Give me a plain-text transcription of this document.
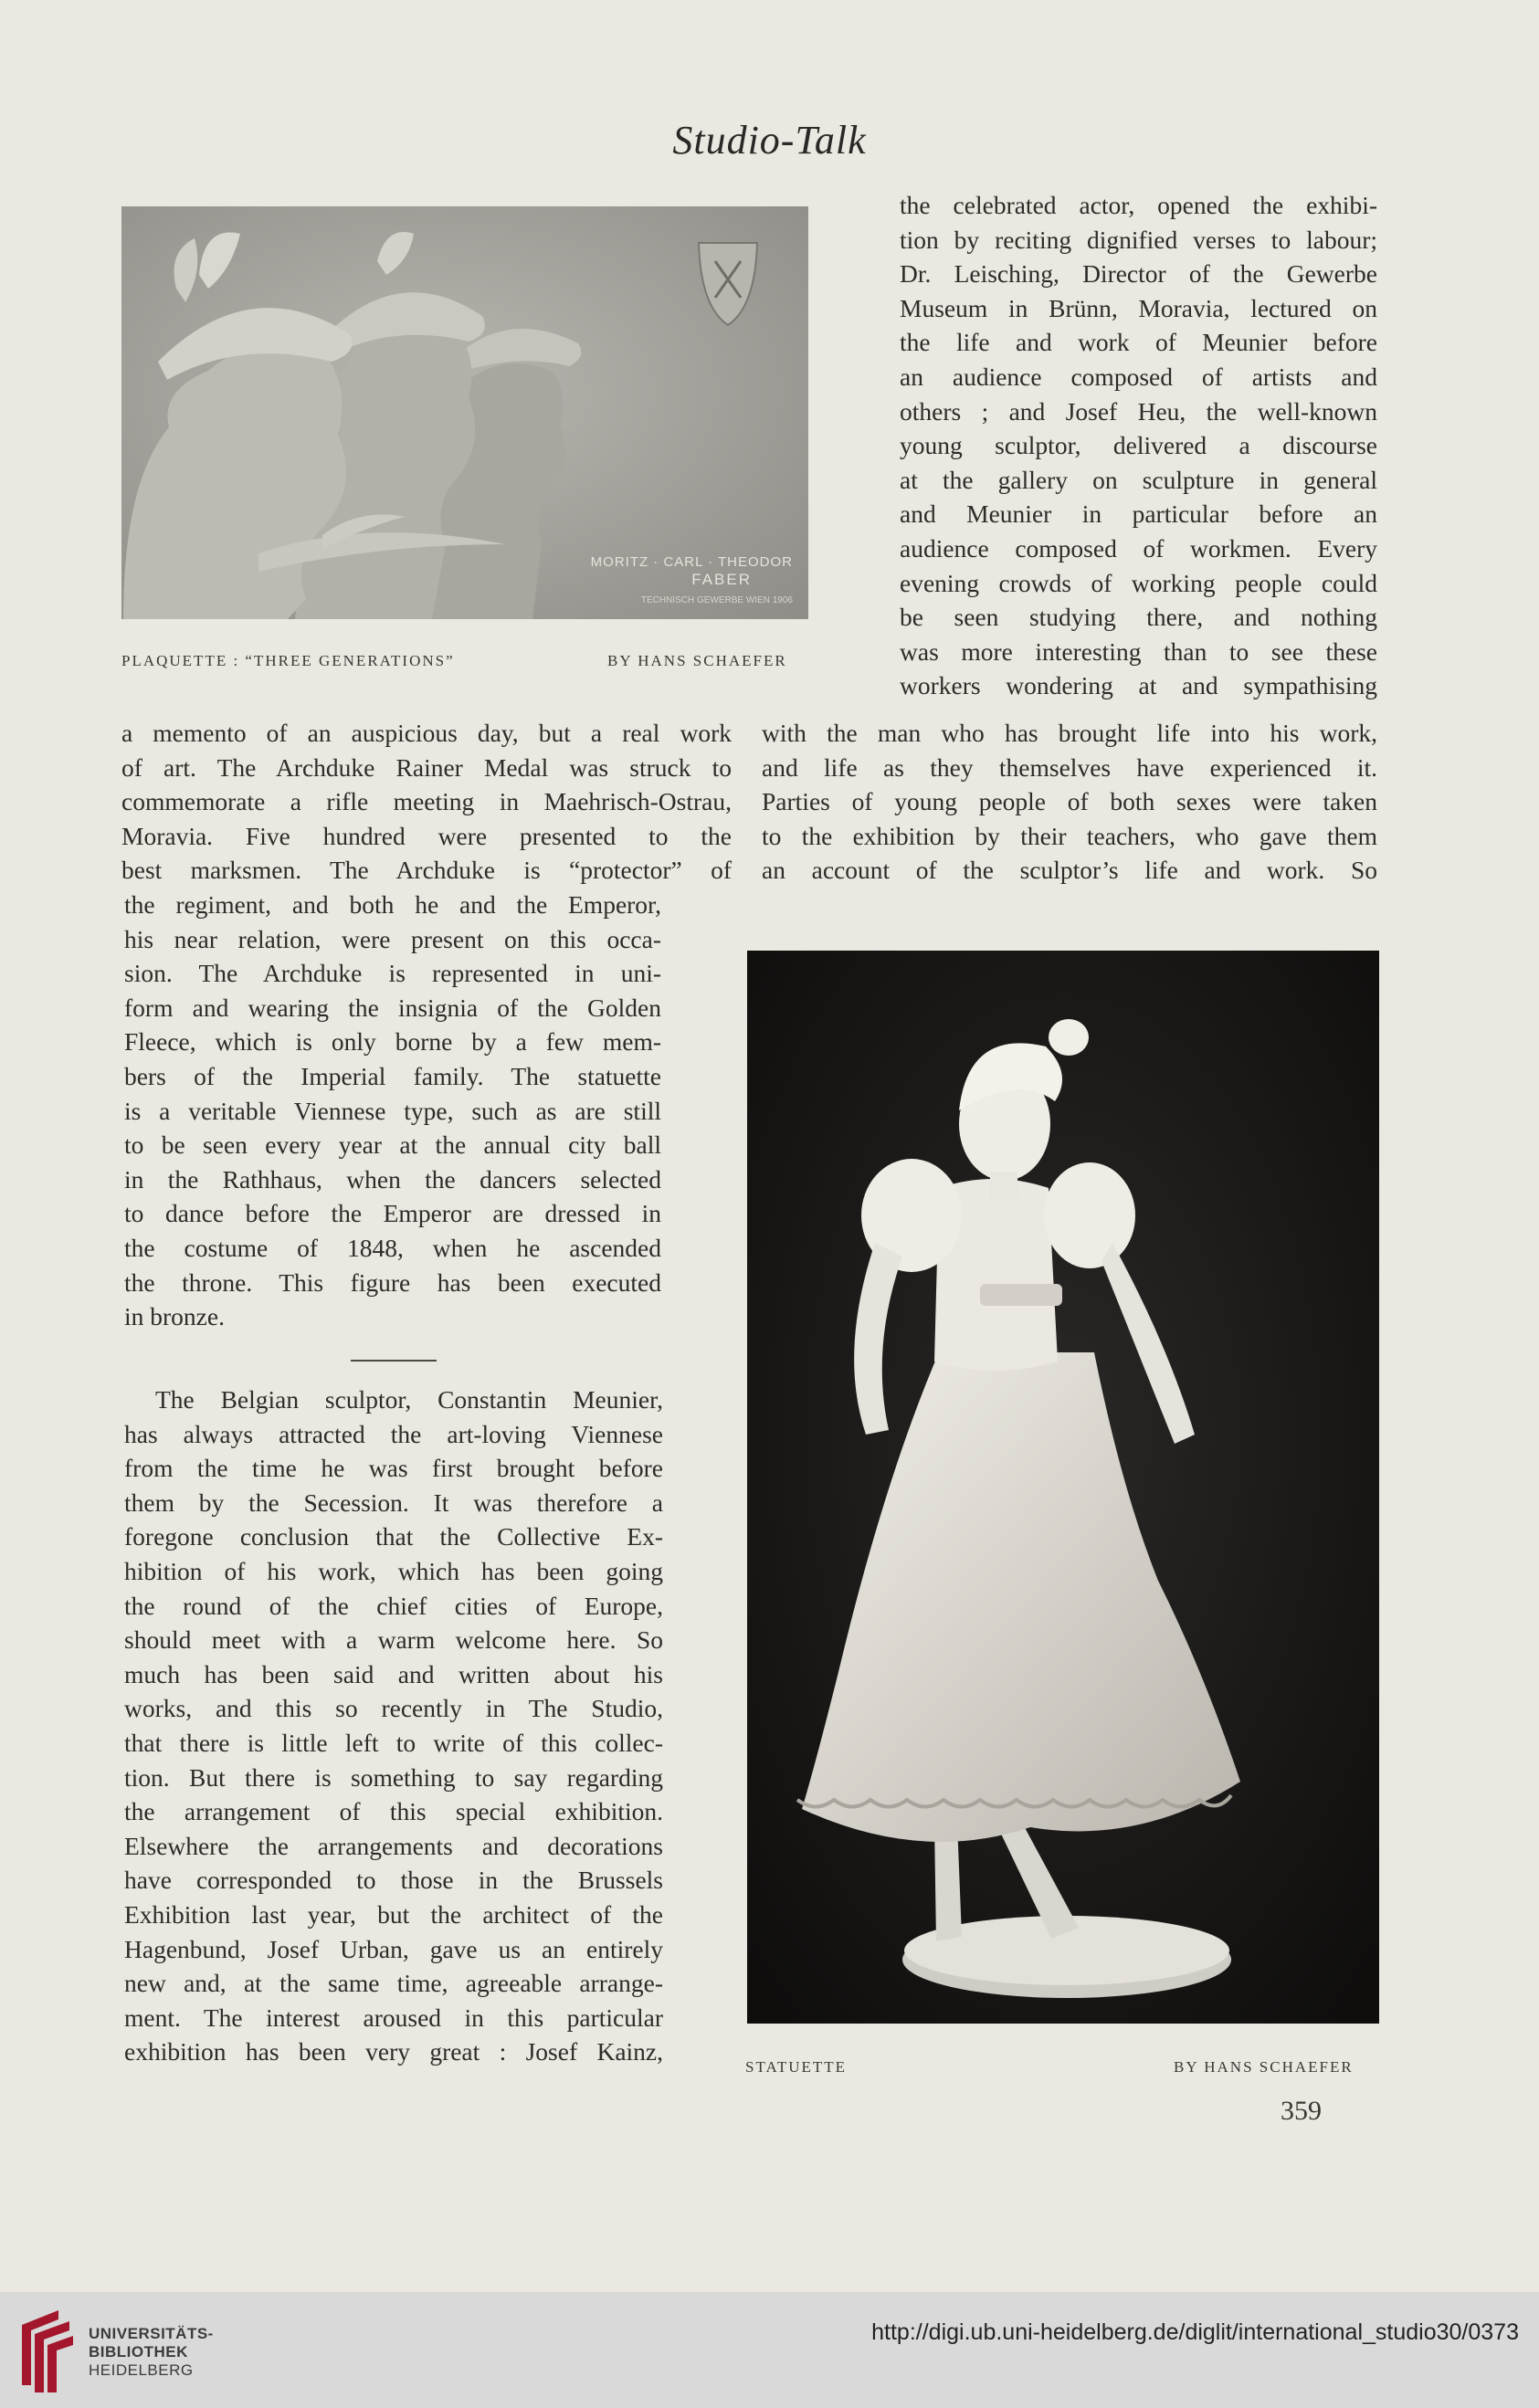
Studio-Talk
MORITZ · CARL · THEODOR
FABER
TECHNISCH GEWERBE WIEN 1906
PLAQUETTE : “THREE GENERATIONS”	BY HANS SCHAEFER
the celebrated actor, opened the exhibi-
tion by reciting dignified verses to labour;
Dr. Leisching, Director of the Gewerbe
Museum in Brünn, Moravia, lectured on
the life and work of Meunier before
an audience composed of artists and
others ; and Josef Heu, the well-known
young sculptor, delivered a discourse
at the gallery on sculpture in general
and Meunier in particular before an
audience composed of workmen. Every
evening crowds of working people could
be seen studying there, and nothing
was more interesting than to see these
workers wondering at and sympathising
a memento of an auspicious day, but a real work
of art. The Archduke Rainer Medal was struck to
commemorate a rifle meeting in Maehrisch-Ostrau,
Moravia. Five hundred were presented to the
best marksmen. The Archduke is “protector” of
with the man who has brought life into his work,
and life as they themselves have experienced it.
Parties of young people of both sexes were taken
to the exhibition by their teachers, who gave them
an account of the sculptor’s life and work. So
the regiment, and both he and the Emperor,
his near relation, were present on this occa-
sion. The Archduke is represented in uni-
form and wearing the insignia of the Golden
Fleece, which is only borne by a few mem-
bers of the Imperial family. The statuette
is a veritable Viennese type, such as are still
to be seen every year at the annual city ball
in the Rathhaus, when the dancers selected
to dance before the Emperor are dressed in
the costume of 1848, when he ascended
the throne. This figure has been executed
in bronze.
The Belgian sculptor, Constantin Meunier,
has always attracted the art-loving Viennese
from the time he was first brought before
them by the Secession. It was therefore a
foregone conclusion that the Collective Ex-
hibition of his work, which has been going
the round of the chief cities of Europe,
should meet with a warm welcome here. So
much has been said and written about his
works, and this so recently in The Studio,
that there is little left to write of this collec-
tion. But there is something to say regarding
the arrangement of this special exhibition.
Elsewhere the arrangements and decorations
have corresponded to those in the Brussels
Exhibition last year, but the architect of the
Hagenbund, Josef Urban, gave us an entirely
new and, at the same time, agreeable arrange-
ment. The interest aroused in this particular
exhibition has been very great : Josef Kainz,
STATUETTE	BY HANS SCHAEFER
359
UNIVERSITÄTS-
BIBLIOTHEK
HEIDELBERG
http://digi.ub.uni-heidelberg.de/diglit/international_studio30/0373
